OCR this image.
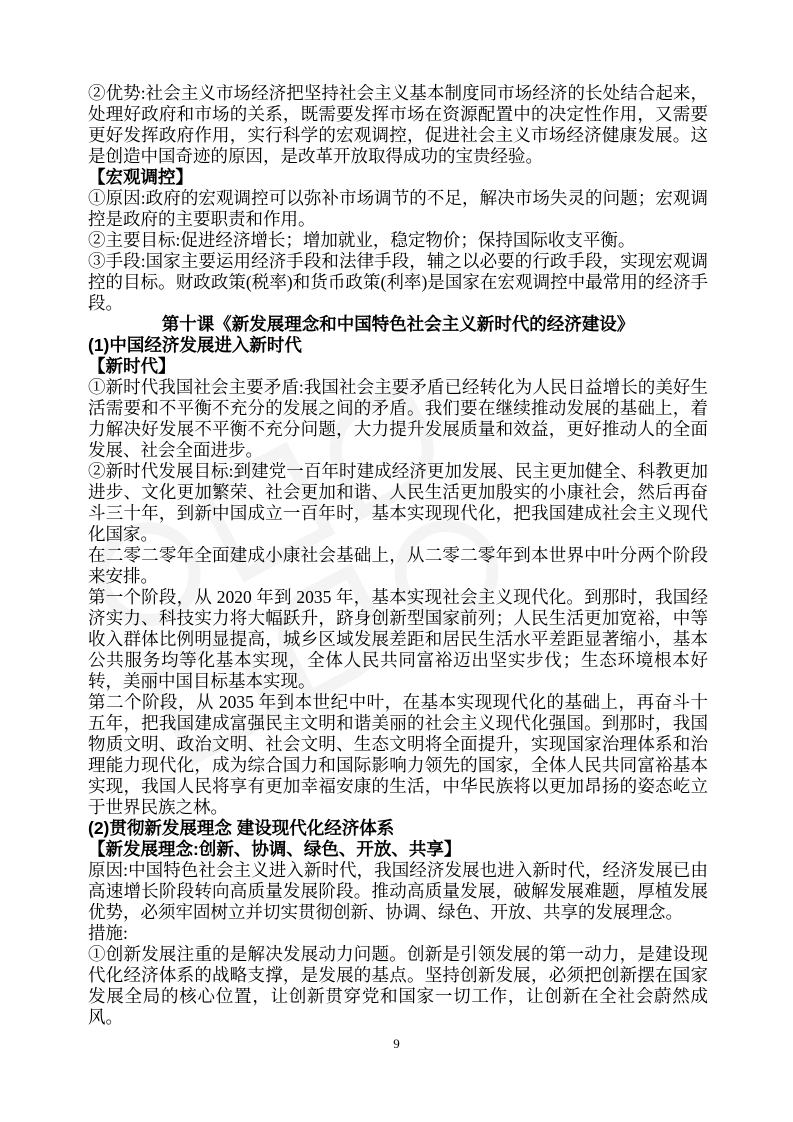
②优势:社会主义市场经济把坚持社会主义基本制度同市场经济的长处结合起来，处理好政府和市场的关系，既需要发挥市场在资源配置中的决定性作用，又需要更好发挥政府作用，实行科学的宏观调控，促进社会主义市场经济健康发展。这是创造中国奇迹的原因，是改革开放取得成功的宝贵经验。

【宏观调控】

①原因:政府的宏观调控可以弥补市场调节的不足，解决市场失灵的问题；宏观调控是政府的主要职责和作用。

②主要目标:促进经济增长；增加就业，稳定物价；保持国际收支平衡。

③手段:国家主要运用经济手段和法律手段，辅之以必要的行政手段，实现宏观调控的目标。财政政策(税率)和货币政策(利率)是国家在宏观调控中最常用的经济手段。

第十课《新发展理念和中国特色社会主义新时代的经济建设》

(1)中国经济发展进入新时代

【新时代】

①新时代我国社会主要矛盾:我国社会主要矛盾已经转化为人民日益增长的美好生活需要和不平衡不充分的发展之间的矛盾。我们要在继续推动发展的基础上，着力解决好发展不平衡不充分问题，大力提升发展质量和效益，更好推动人的全面发展、社会全面进步。

②新时代发展目标:到建党一百年时建成经济更加发展、民主更加健全、科教更加进步、文化更加繁荣、社会更加和谐、人民生活更加殷实的小康社会，然后再奋斗三十年，到新中国成立一百年时，基本实现现代化，把我国建成社会主义现代化国家。

在二零二零年全面建成小康社会基础上，从二零二零年到本世界中叶分两个阶段来安排。

第一个阶段，从 2020 年到 2035 年，基本实现社会主义现代化。到那时，我国经济实力、科技实力将大幅跃升，跻身创新型国家前列；人民生活更加宽裕，中等收入群体比例明显提高，城乡区域发展差距和居民生活水平差距显著缩小，基本公共服务均等化基本实现，全体人民共同富裕迈出坚实步伐；生态环境根本好转，美丽中国目标基本实现。

第二个阶段，从 2035 年到本世纪中叶，在基本实现现代化的基础上，再奋斗十五年，把我国建成富强民主文明和谐美丽的社会主义现代化强国。到那时，我国物质文明、政治文明、社会文明、生态文明将全面提升，实现国家治理体系和治理能力现代化，成为综合国力和国际影响力领先的国家，全体人民共同富裕基本实现，我国人民将享有更加幸福安康的生活，中华民族将以更加昂扬的姿态屹立于世界民族之林。

(2)贯彻新发展理念 建设现代化经济体系

【新发展理念:创新、协调、绿色、开放、共享】

原因:中国特色社会主义进入新时代，我国经济发展也进入新时代，经济发展已由高速增长阶段转向高质量发展阶段。推动高质量发展，破解发展难题，厚植发展优势，必须牢固树立并切实贯彻创新、协调、绿色、开放、共享的发展理念。

措施:

①创新发展注重的是解决发展动力问题。创新是引领发展的第一动力，是建设现代化经济体系的战略支撑，是发展的基点。坚持创新发展，必须把创新摆在国家发展全局的核心位置，让创新贯穿党和国家一切工作，让创新在全社会蔚然成风。

9
